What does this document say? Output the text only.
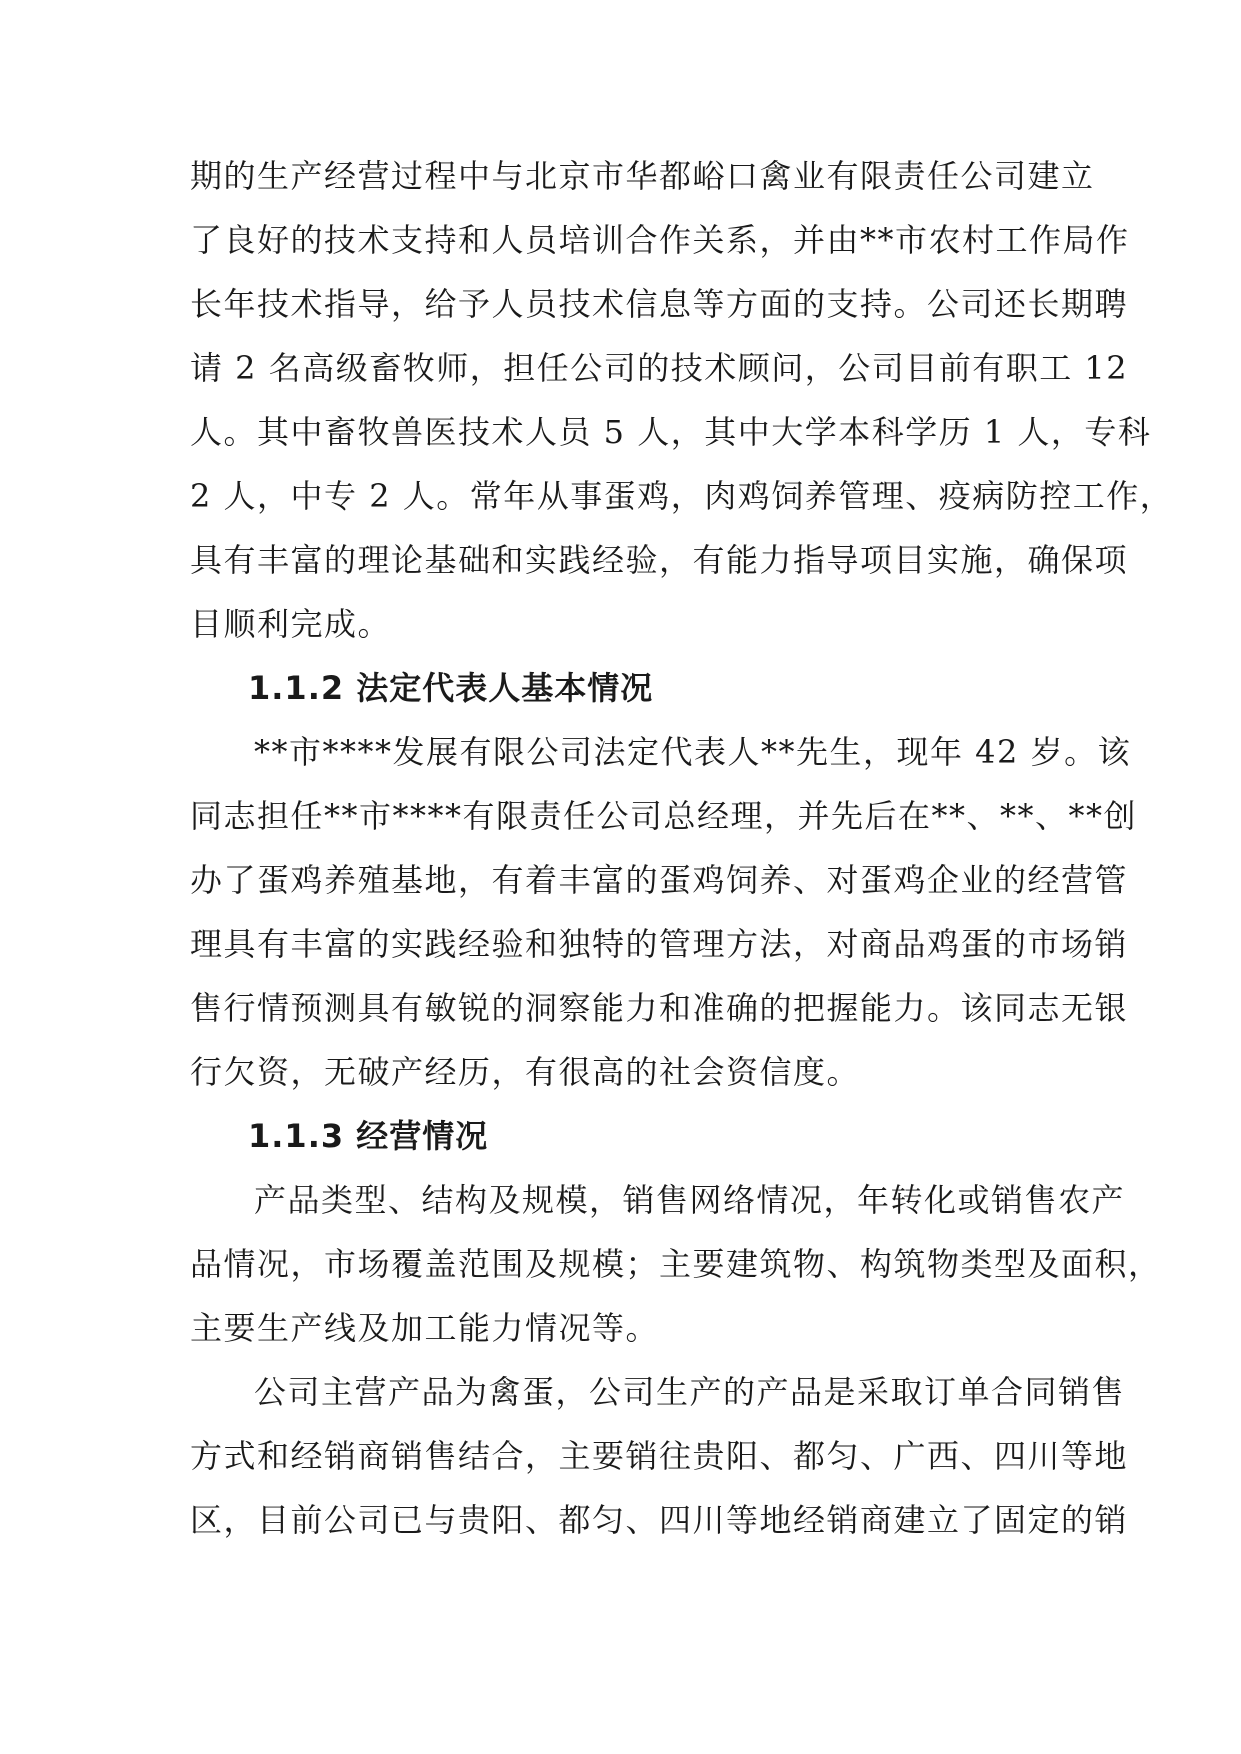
期的生产经营过程中与北京市华都峪口禽业有限责任公司建立
了良好的技术支持和人员培训合作关系，并由**市农村工作局作
长年技术指导，给予人员技术信息等方面的支持。公司还长期聘
请 2 名高级畜牧师，担任公司的技术顾问，公司目前有职工 12
人。其中畜牧兽医技术人员 5 人，其中大学本科学历 1 人，专科
2 人，中专 2 人。常年从事蛋鸡，肉鸡饲养管理、疫病防控工作，
具有丰富的理论基础和实践经验，有能力指导项目实施，确保项
目顺利完成。
1.1.2 法定代表人基本情况
**市****发展有限公司法定代表人**先生，现年 42 岁。该
同志担任**市****有限责任公司总经理，并先后在**、**、**创
办了蛋鸡养殖基地，有着丰富的蛋鸡饲养、对蛋鸡企业的经营管
理具有丰富的实践经验和独特的管理方法，对商品鸡蛋的市场销
售行情预测具有敏锐的洞察能力和准确的把握能力。该同志无银
行欠资，无破产经历，有很高的社会资信度。
1.1.3 经营情况
产品类型、结构及规模，销售网络情况，年转化或销售农产
品情况，市场覆盖范围及规模；主要建筑物、构筑物类型及面积，
主要生产线及加工能力情况等。
公司主营产品为禽蛋，公司生产的产品是采取订单合同销售
方式和经销商销售结合，主要销往贵阳、都匀、广西、四川等地
区，目前公司已与贵阳、都匀、四川等地经销商建立了固定的销
